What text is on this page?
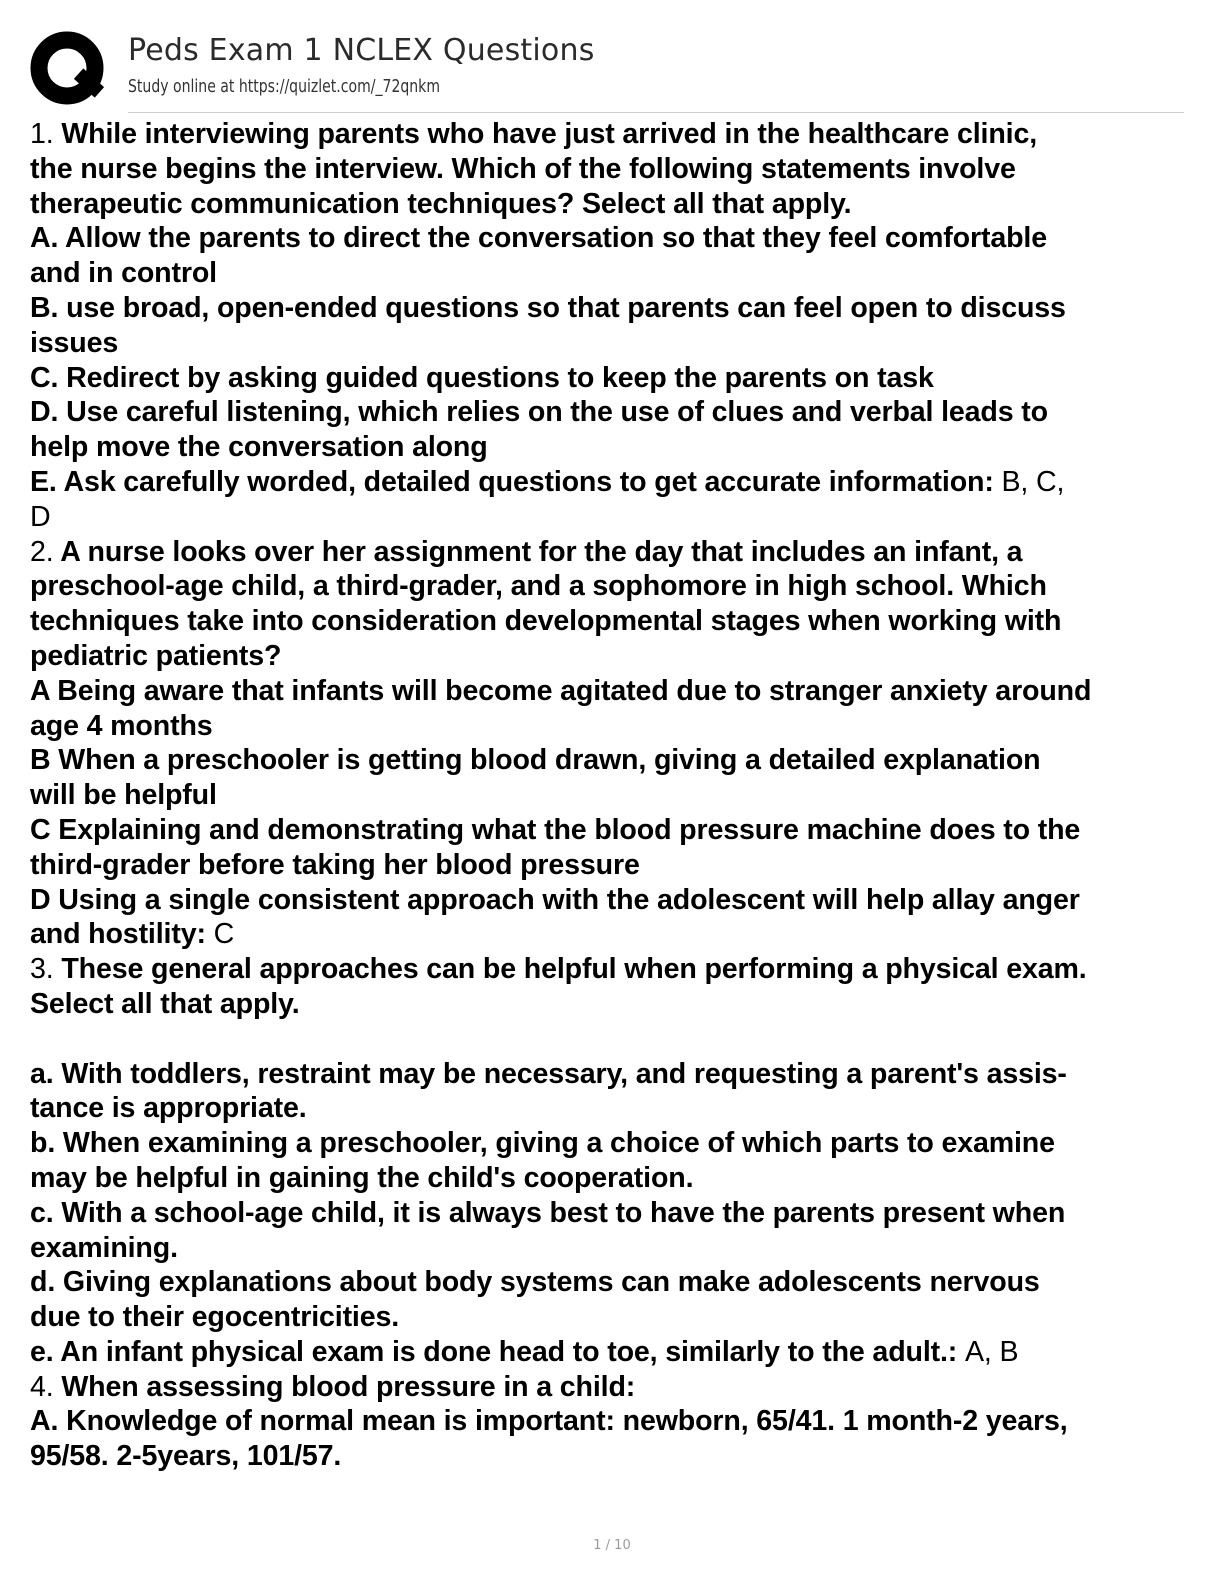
Peds Exam 1 NCLEX Questions
Study online at https://quizlet.com/_72qnkm
1. While interviewing parents who have just arrived in the healthcare clinic,
the nurse begins the interview. Which of the following statements involve
therapeutic communication techniques? Select all that apply.
A. Allow the parents to direct the conversation so that they feel comfortable
and in control
B. use broad, open-ended questions so that parents can feel open to discuss
issues
C. Redirect by asking guided questions to keep the parents on task
D. Use careful listening, which relies on the use of clues and verbal leads to
help move the conversation along
E. Ask carefully worded, detailed questions to get accurate information: B, C,
D
2. A nurse looks over her assignment for the day that includes an infant, a
preschool-age child, a third-grader, and a sophomore in high school. Which
techniques take into consideration developmental stages when working with
pediatric patients?
A Being aware that infants will become agitated due to stranger anxiety around
age 4 months
B When a preschooler is getting blood drawn, giving a detailed explanation
will be helpful
C Explaining and demonstrating what the blood pressure machine does to the
third-grader before taking her blood pressure
D Using a single consistent approach with the adolescent will help allay anger
and hostility: C
3. These general approaches can be helpful when performing a physical exam.
Select all that apply.
a. With toddlers, restraint may be necessary, and requesting a parent's assis-
tance is appropriate.
b. When examining a preschooler, giving a choice of which parts to examine
may be helpful in gaining the child's cooperation.
c. With a school-age child, it is always best to have the parents present when
examining.
d. Giving explanations about body systems can make adolescents nervous
due to their egocentricities.
e. An infant physical exam is done head to toe, similarly to the adult.: A, B
4. When assessing blood pressure in a child:
A. Knowledge of normal mean is important: newborn, 65/41. 1 month-2 years,
95/58. 2-5years, 101/57.
1 / 10
